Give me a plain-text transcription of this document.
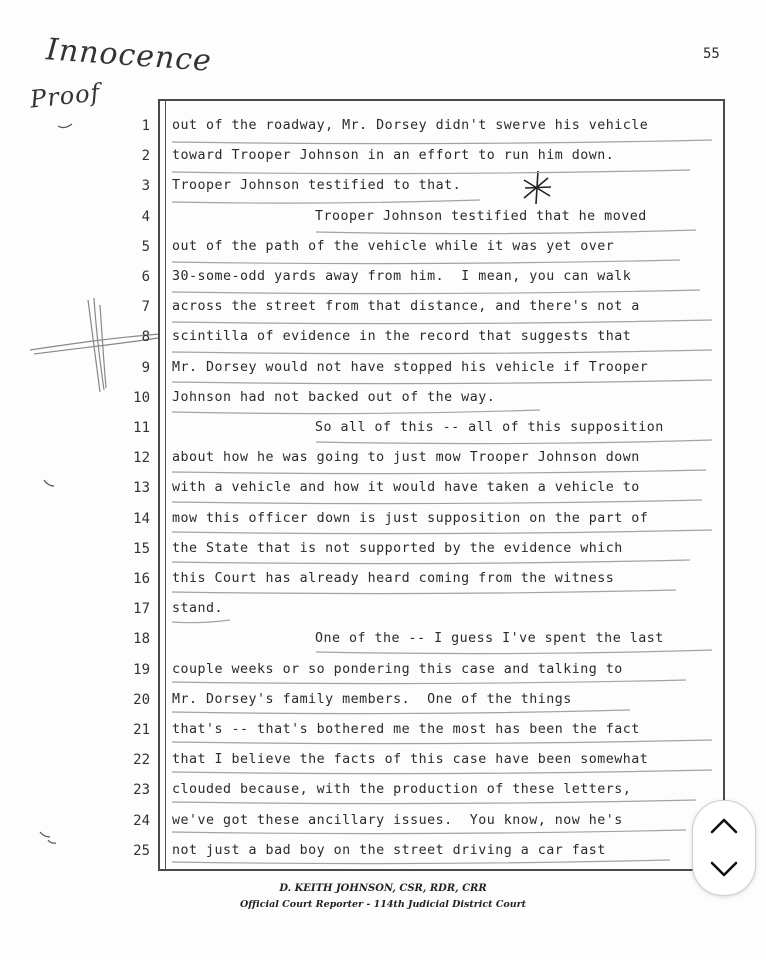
Innocence
Proof
55
1 out of the roadway, Mr. Dorsey didn't swerve his vehicle
2 toward Trooper Johnson in an effort to run him down.
3 Trooper Johnson testified to that.
4	Trooper Johnson testified that he moved
5 out of the path of the vehicle while it was yet over
6 30-some-odd yards away from him.  I mean, you can walk
7 across the street from that distance, and there's not a
8 scintilla of evidence in the record that suggests that
9 Mr. Dorsey would not have stopped his vehicle if Trooper
10 Johnson had not backed out of the way.
11	So all of this -- all of this supposition
12 about how he was going to just mow Trooper Johnson down
13 with a vehicle and how it would have taken a vehicle to
14 mow this officer down is just supposition on the part of
15 the State that is not supported by the evidence which
16 this Court has already heard coming from the witness
17 stand.
18	One of the -- I guess I've spent the last
19 couple weeks or so pondering this case and talking to
20 Mr. Dorsey's family members.  One of the things
21 that's -- that's bothered me the most has been the fact
22 that I believe the facts of this case have been somewhat
23 clouded because, with the production of these letters,
24 we've got these ancillary issues.  You know, now he's
25 not just a bad boy on the street driving a car fast
D. KEITH JOHNSON, CSR, RDR, CRR
Official Court Reporter - 114th Judicial District Court
